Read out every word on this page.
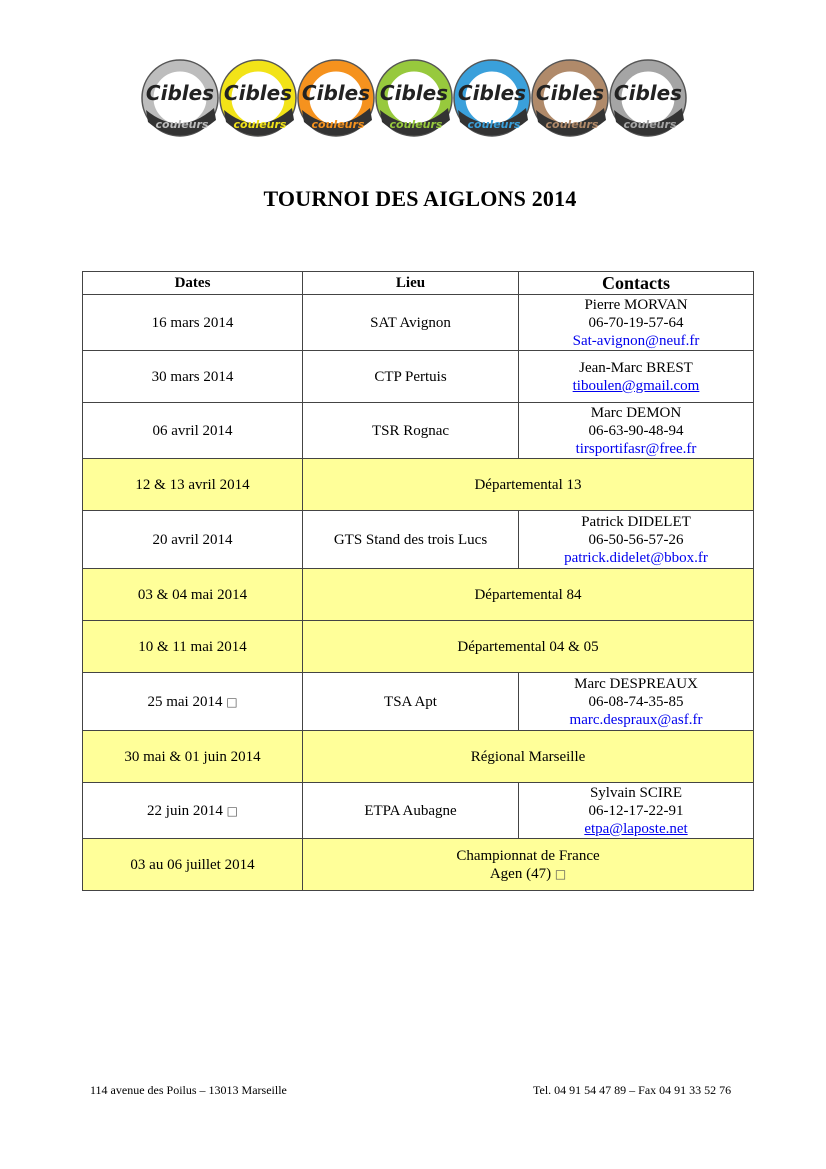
Cibles
couleurs
Cibles
couleurs
Cibles
couleurs
Cibles
couleurs
Cibles
couleurs
Cibles
couleurs
Cibles
couleurs
TOURNOI DES AIGLONS 2014
Dates	Lieu	Contacts
16 mars 2014	SAT Avignon	Pierre MORVAN
06-70-19-57-64
Sat-avignon@neuf.fr

30 mars 2014	CTP Pertuis	Jean-Marc BREST
tiboulen@gmail.com

06 avril 2014	TSR Rognac	Marc DEMON
06-63-90-48-94
tirsportifasr@free.fr

12 & 13 avril 2014	Départemental 13	
20 avril 2014	GTS Stand des trois Lucs	Patrick DIDELET
06-50-56-57-26
patrick.didelet@bbox.fr

03 & 04 mai 2014	Départemental 84	
10 & 11 mai 2014	Départemental 04 & 05	
25 mai 2014 □	TSA Apt	Marc DESPREAUX
06-08-74-35-85
marc.despraux@asf.fr

30 mai & 01 juin 2014	Régional Marseille	
22 juin 2014 □	ETPA Aubagne	Sylvain SCIRE
06-12-17-22-91
etpa@laposte.net

03 au 06 juillet 2014	Championnat de France
Agen (47) □	
114 avenue des Poilus – 13013 Marseille	Tel. 04 91 54 47 89 – Fax 04 91 33 52 76
